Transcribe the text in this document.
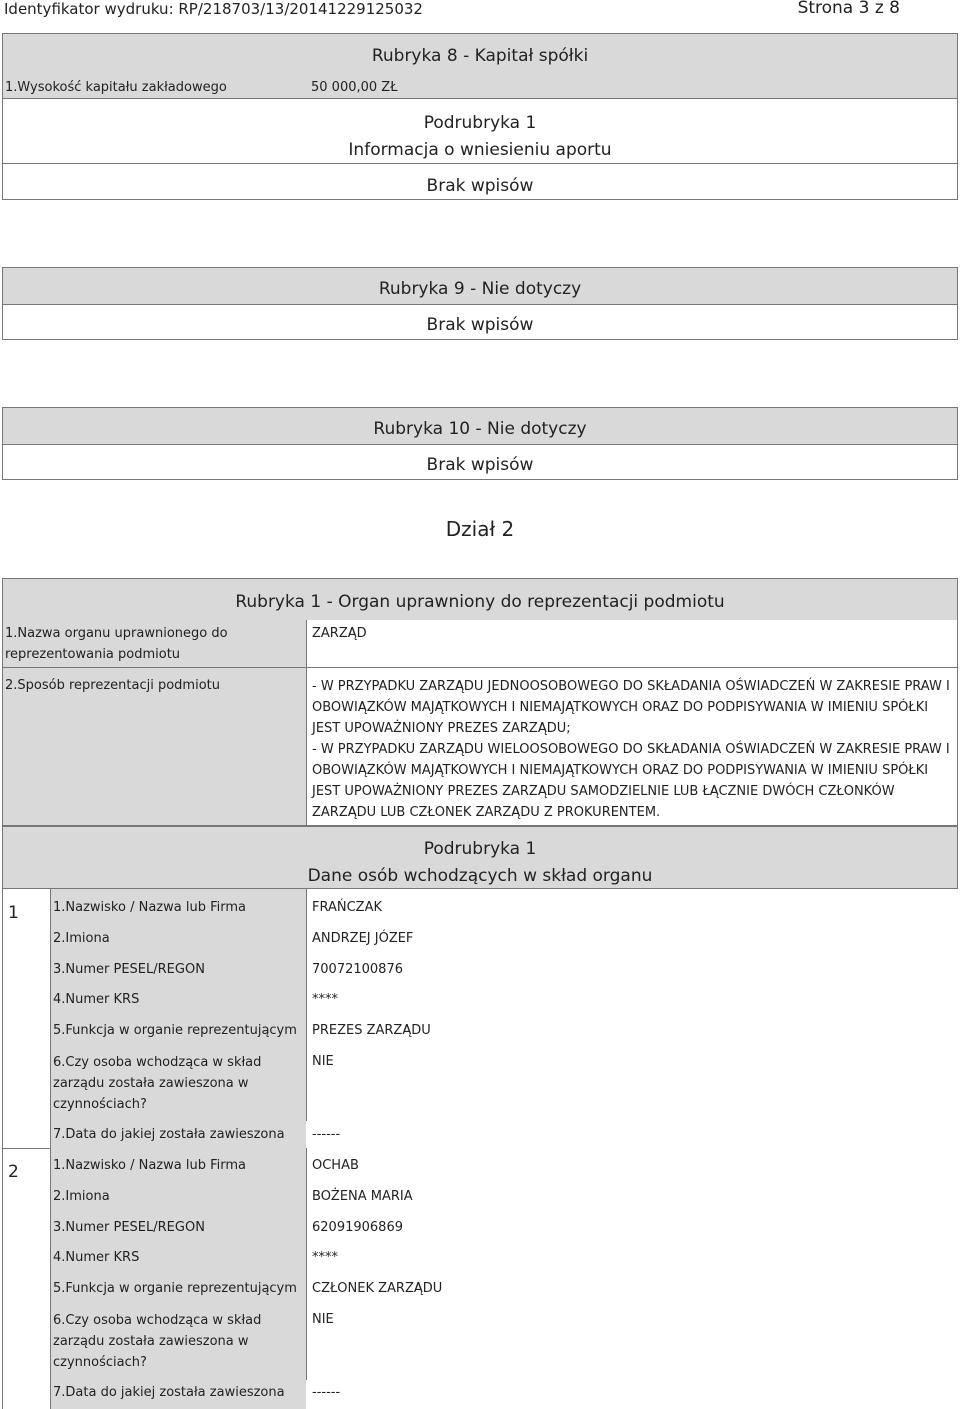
Identyfikator wydruku: RP/218703/13/20141229125032	Strona 3 z 8
Rubryka 8 - Kapitał spółki
1.Wysokość kapitału zakładowego	50 000,00 ZŁ
Podrubryka 1
Informacja o wniesieniu aportu
Brak wpisów
Rubryka 9 - Nie dotyczy
Brak wpisów
Rubryka 10 - Nie dotyczy
Brak wpisów
Dział 2
Rubryka 1 - Organ uprawniony do reprezentacji podmiotu
1.Nazwa organu uprawnionego do reprezentowania podmiotu
ZARZĄD
2.Sposób reprezentacji podmiotu	- W PRZYPADKU ZARZĄDU JEDNOOSOBOWEGO DO SKŁADANIA OŚWIADCZEŃ W ZAKRESIE PRAW I OBOWIĄZKÓW MAJĄTKOWYCH I NIEMAJĄTKOWYCH ORAZ DO PODPISYWANIA W IMIENIU SPÓŁKI JEST UPOWAŻNIONY PREZES ZARZĄDU;
- W PRZYPADKU ZARZĄDU WIELOOSOBOWEGO DO SKŁADANIA OŚWIADCZEŃ W ZAKRESIE PRAW I OBOWIĄZKÓW MAJĄTKOWYCH I NIEMAJĄTKOWYCH ORAZ DO PODPISYWANIA W IMIENIU SPÓŁKI JEST UPOWAŻNIONY PREZES ZARZĄDU SAMODZIELNIE LUB ŁĄCZNIE DWÓCH CZŁONKÓW ZARZĄDU LUB CZŁONEK ZARZĄDU Z PROKURENTEM.
Podrubryka 1
Dane osób wchodzących w skład organu
1	1.Nazwisko / Nazwa lub Firma	FRAŃCZAK
2.Imiona	ANDRZEJ JÓZEF
3.Numer PESEL/REGON	70072100876
4.Numer KRS	****
5.Funkcja w organie reprezentującym PREZES ZARZĄDU
6.Czy osoba wchodząca w skład zarządu została zawieszona w czynnościach?
NIE
7.Data do jakiej została zawieszona ------
2	1.Nazwisko / Nazwa lub Firma	OCHAB
2.Imiona	BOŻENA MARIA
3.Numer PESEL/REGON	62091906869
4.Numer KRS	****
5.Funkcja w organie reprezentującym CZŁONEK ZARZĄDU
6.Czy osoba wchodząca w skład zarządu została zawieszona w czynnościach?
NIE
7.Data do jakiej została zawieszona ------
